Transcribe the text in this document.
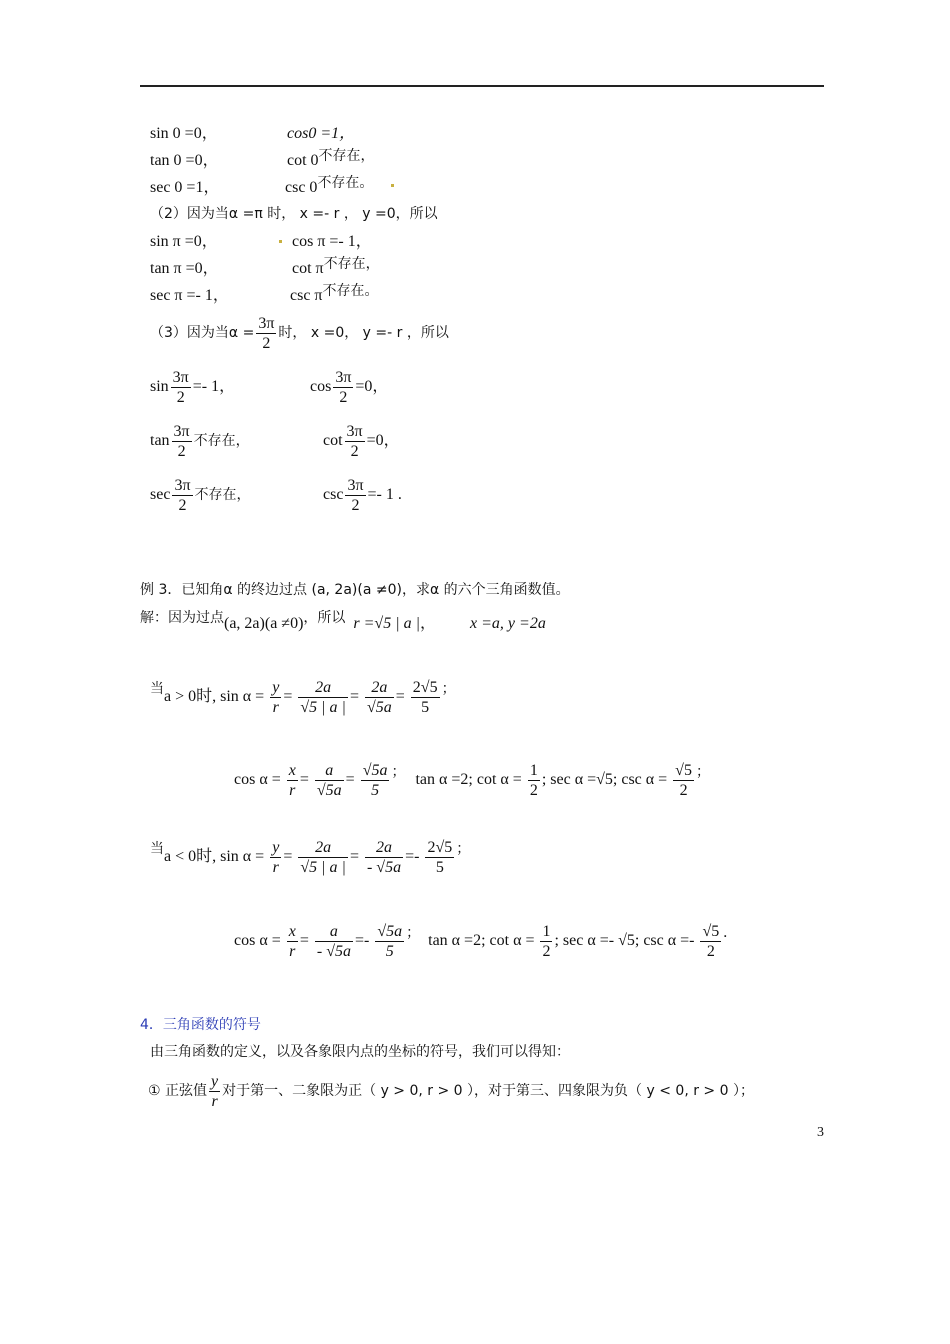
sin 0 =0，	cos0 =1，
tan 0 =0，	cot 0不存在，
sec 0 =1，	csc 0不存在。
（2）因为当α =π 时， x =- r ， y =0，所以
sin π =0，	cos π =- 1，
tan π =0，	cot π不存在，
sec π =- 1，	csc π不存在。
（3）因为当$\alpha = \frac{3\pi}{2}$ 时， x =0， y =- r ，所以
$\sin \frac{3\pi}{2} =- 1$，	$\cos \frac{3\pi}{2} =0$，
$\tan \frac{3\pi}{2}$ 不存在，	$\cot \frac{3\pi}{2} =0$，
$\sec \frac{3\pi}{2}$ 不存在，	$\csc \frac{3\pi}{2} =- 1$ .
例 3．已知角α 的终边过点 (a, 2a)(a ≠0)，求α 的六个三角函数值。
解：因为过点(a, 2a)(a ≠0)，所以 r =√5 | a |， x =a, y =2a
当a > 0时, $\sin \alpha = \frac{y}{r} = \frac{2a}{√5 | a |} = \frac{2a}{√5a} = \frac{2√5}{5}$ ；
$\cos \alpha = \frac{x}{r} = \frac{a}{√5a} = \frac{√5a}{5}$ ； tan α =2; $\cot \alpha = \frac{1}{2}$ ; sec α =√5; $\csc \alpha = \frac{√5}{2}$ ；
当a < 0时, $\sin \alpha = \frac{y}{r} = \frac{2a}{√5 | a |} = \frac{2a}{- √5a} =- \frac{2√5}{5}$ ；
$\cos \alpha = \frac{x}{r} = \frac{a}{- √5a} =- \frac{√5a}{5}$ ； tan α =2; $\cot \alpha = \frac{1}{2}$ ; sec α =- √5; $\csc \alpha =- \frac{√5}{2}$ .
4．三角函数的符号
由三角函数的定义，以及各象限内点的坐标的符号，我们可以得知：
① 正弦值 $\frac{y}{r}$ 对于第一、二象限为正（ y > 0, r > 0 ），对于第三、四象限为负（ y < 0, r > 0 ）；
3
